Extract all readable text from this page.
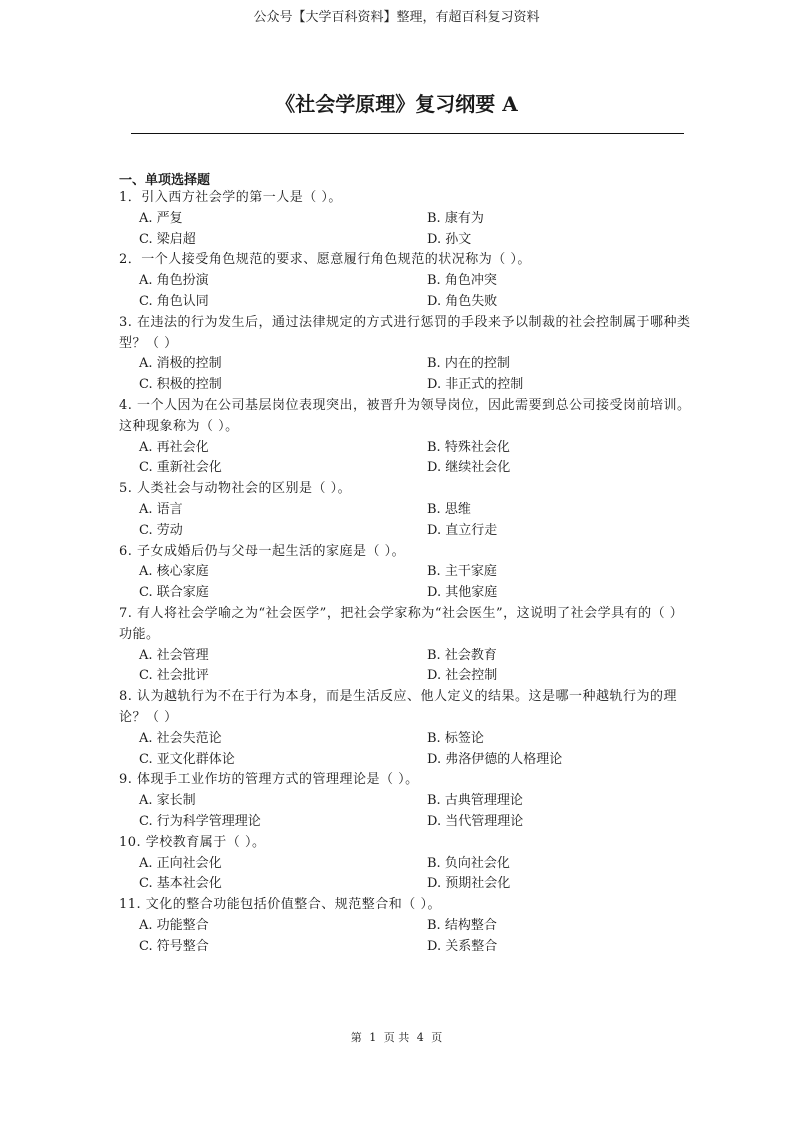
公众号【大学百科资料】整理，有超百科复习资料
《社会学原理》复习纲要 A
一、单项选择题
1．引入西方社会学的第一人是（ ）。
A. 严复	B. 康有为
C. 梁启超	D. 孙文
2．一个人接受角色规范的要求、愿意履行角色规范的状况称为（ ）。
A. 角色扮演	B. 角色冲突
C. 角色认同	D. 角色失败
3. 在违法的行为发生后，通过法律规定的方式进行惩罚的手段来予以制裁的社会控制属于哪种类型？（ ）
A. 消极的控制	B. 内在的控制
C. 积极的控制	D. 非正式的控制
4. 一个人因为在公司基层岗位表现突出，被晋升为领导岗位，因此需要到总公司接受岗前培训。这种现象称为（ ）。
A. 再社会化	B. 特殊社会化
C. 重新社会化	D. 继续社会化
5. 人类社会与动物社会的区别是（ ）。
A. 语言	B. 思维
C. 劳动	D. 直立行走
6. 子女成婚后仍与父母一起生活的家庭是（ ）。
A. 核心家庭	B. 主干家庭
C. 联合家庭	D. 其他家庭
7. 有人将社会学喻之为“社会医学”，把社会学家称为“社会医生”，这说明了社会学具有的（ ）功能。
A. 社会管理	B. 社会教育
C. 社会批评	D. 社会控制
8. 认为越轨行为不在于行为本身，而是生活反应、他人定义的结果。这是哪一种越轨行为的理论？（ ）
A. 社会失范论	B. 标签论
C. 亚文化群体论	D. 弗洛伊德的人格理论
9. 体现手工业作坊的管理方式的管理理论是（ ）。
A. 家长制	B. 古典管理理论
C. 行为科学管理理论	D. 当代管理理论
10. 学校教育属于（ ）。
A. 正向社会化	B. 负向社会化
C. 基本社会化	D. 预期社会化
11. 文化的整合功能包括价值整合、规范整合和（ ）。
A. 功能整合	B. 结构整合
C. 符号整合	D. 关系整合
第 1 页 共 4 页
